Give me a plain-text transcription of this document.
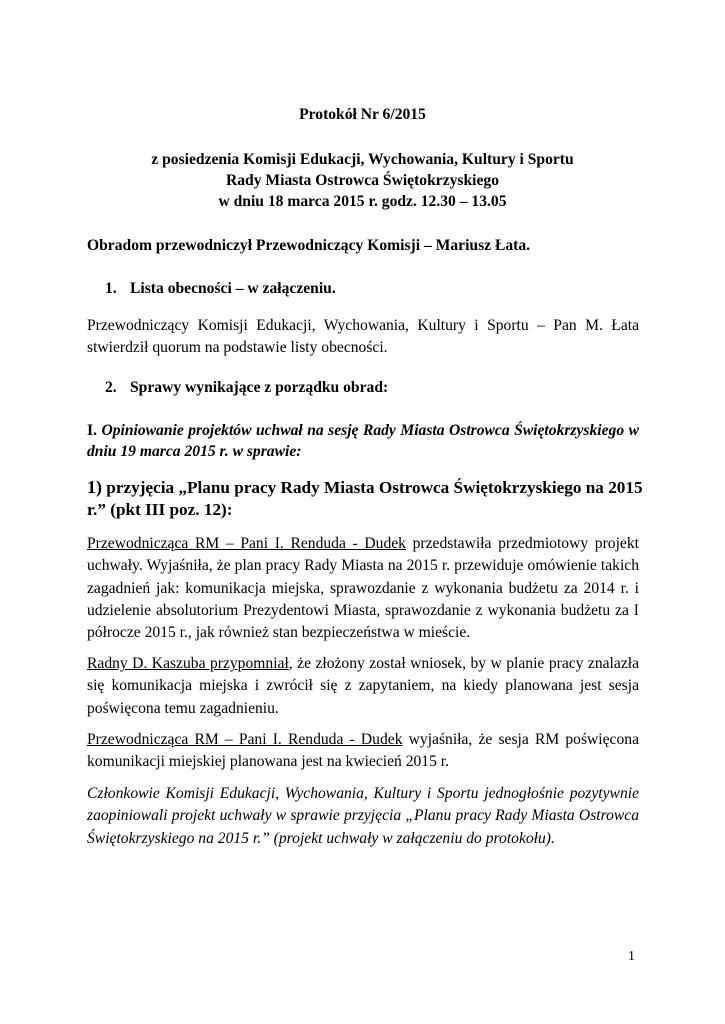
Protokół Nr 6/2015
z posiedzenia Komisji Edukacji, Wychowania, Kultury i Sportu
Rady Miasta Ostrowca Świętokrzyskiego
w dniu 18 marca 2015 r. godz. 12.30 – 13.05
Obradom przewodniczył Przewodniczący Komisji – Mariusz Łata.
1. Lista obecności – w załączeniu.
Przewodniczący Komisji Edukacji, Wychowania, Kultury i Sportu – Pan M. Łata stwierdził quorum na podstawie listy obecności.
2. Sprawy wynikające z porządku obrad:
I. Opiniowanie projektów uchwał na sesję Rady Miasta Ostrowca Świętokrzyskiego w dniu 19 marca 2015 r. w sprawie:
1) przyjęcia „Planu pracy Rady Miasta Ostrowca Świętokrzyskiego na 2015 r.” (pkt III poz. 12):
Przewodnicząca RM – Pani I. Renduda - Dudek przedstawiła przedmiotowy projekt uchwały. Wyjaśniła, że plan pracy Rady Miasta na 2015 r. przewiduje omówienie takich zagadnień jak: komunikacja miejska, sprawozdanie z wykonania budżetu za 2014 r. i udzielenie absolutorium Prezydentowi Miasta, sprawozdanie z wykonania budżetu za I półrocze 2015 r., jak również stan bezpieczeństwa w mieście.
Radny D. Kaszuba przypomniał, że złożony został wniosek, by w planie pracy znalazła się komunikacja miejska i zwrócił się z zapytaniem, na kiedy planowana jest sesja poświęcona temu zagadnieniu.
Przewodnicząca RM – Pani I. Renduda - Dudek wyjaśniła, że sesja RM poświęcona komunikacji miejskiej planowana jest na kwiecień 2015 r.
Członkowie Komisji Edukacji, Wychowania, Kultury i Sportu jednogłośnie pozytywnie zaopiniowali projekt uchwały w sprawie przyjęcia „Planu pracy Rady Miasta Ostrowca Świętokrzyskiego na 2015 r.” (projekt uchwały w załączeniu do protokołu).
1
